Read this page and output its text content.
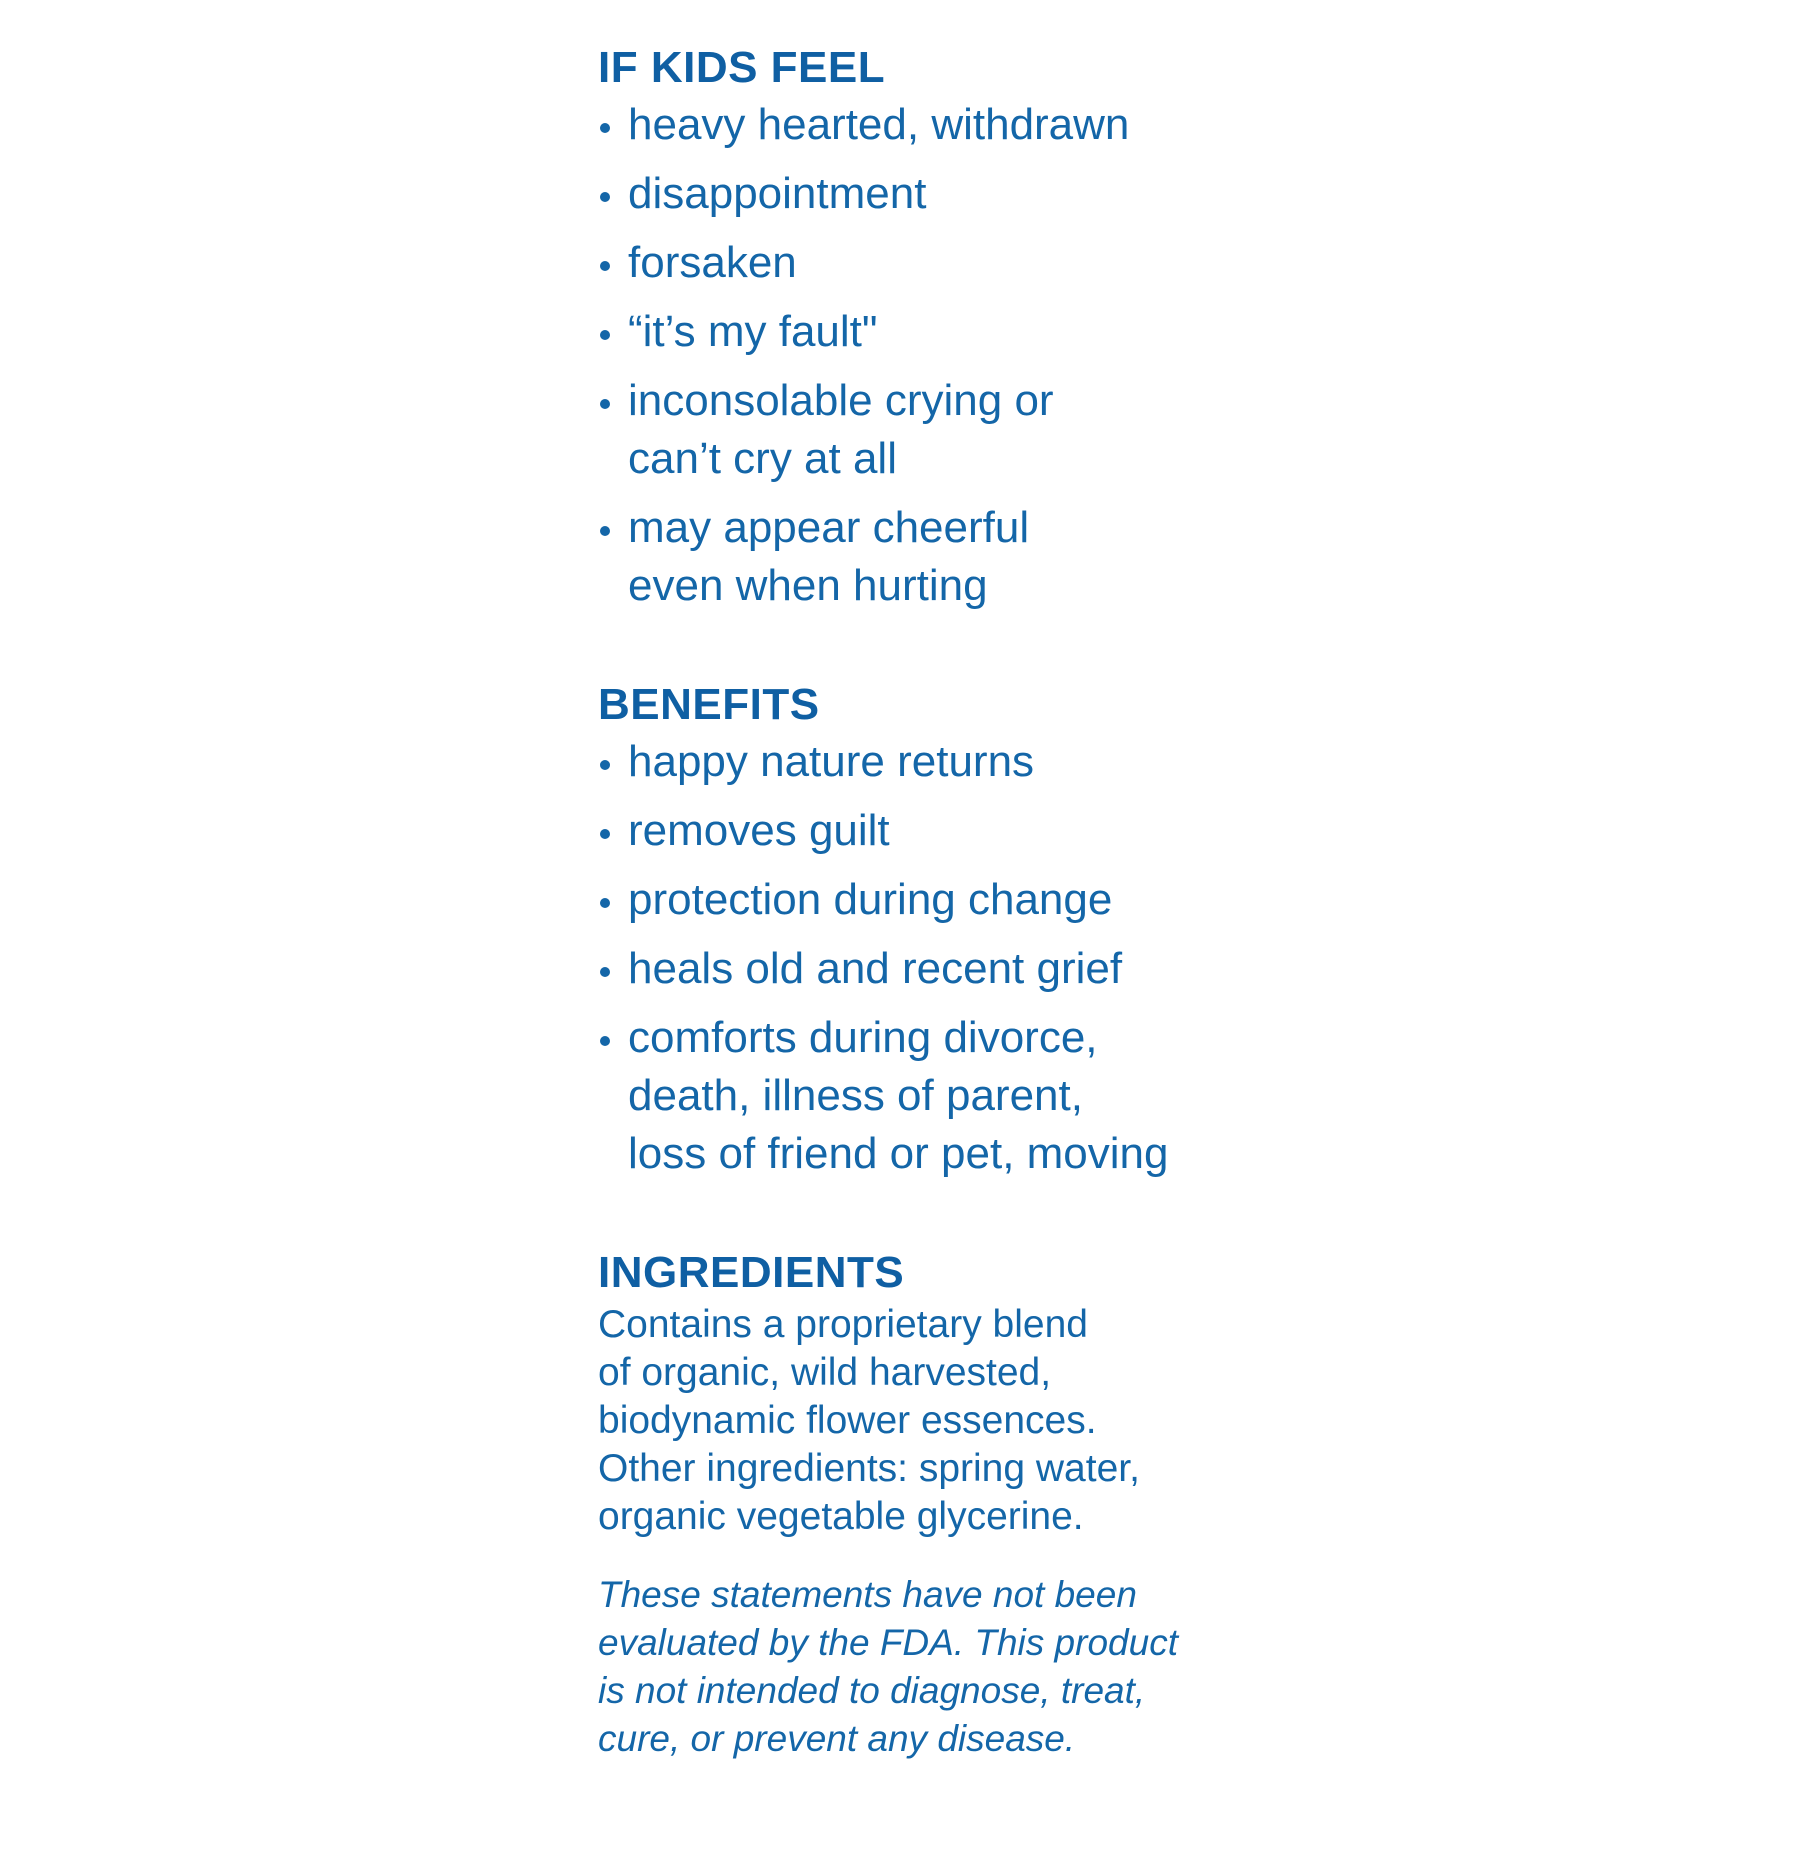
IF KIDS FEEL
heavy hearted, withdrawn
disappointment
forsaken
“it’s my fault"
inconsolable crying or
can’t cry at all
may appear cheerful
even when hurting
BENEFITS
happy nature returns
removes guilt
protection during change
heals old and recent grief
comforts during divorce,
death, illness of parent,
loss of friend or pet, moving
INGREDIENTS

Contains a proprietary blend

of organic, wild harvested,

biodynamic flower essences.

Other ingredients: spring water,

organic vegetable glycerine.

These statements have not been

evaluated by the FDA. This product

is not intended to diagnose, treat,

cure, or prevent any disease.
